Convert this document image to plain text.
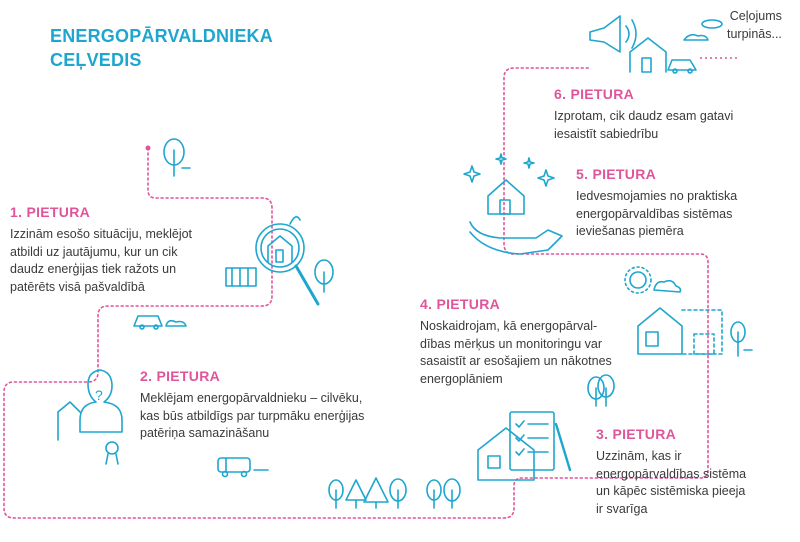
?
ENERGOPĀRVALDNIEKA
CEĻVEDIS
Ceļojums
turpinās...
1. PIETURA
Izzinām esošo situāciju, meklējot
atbildi uz jautājumu, kur un cik
daudz enerģijas tiek ražots un
patērēts visā pašvaldībā
2. PIETURA
Meklējam energopārvaldnieku – cilvēku,
kas būs atbildīgs par turpmāku enerģijas
patēriņa samazināšanu	3. PIETURA
Uzzinām, kas ir
energopārvaldības sistēma
un kāpēc sistēmiska pieeja
ir svarīga
4. PIETURA
Noskaidrojam, kā energopārval-
dības mērķus un monitoringu var
sasaistīt ar esošajiem un nākotnes
energoplāniem
5. PIETURA
Iedvesmojamies no praktiska
energopārvaldības sistēmas
ieviešanas piemēra
6. PIETURA
Izprotam, cik daudz esam gatavi
iesaistīt sabiedrību
